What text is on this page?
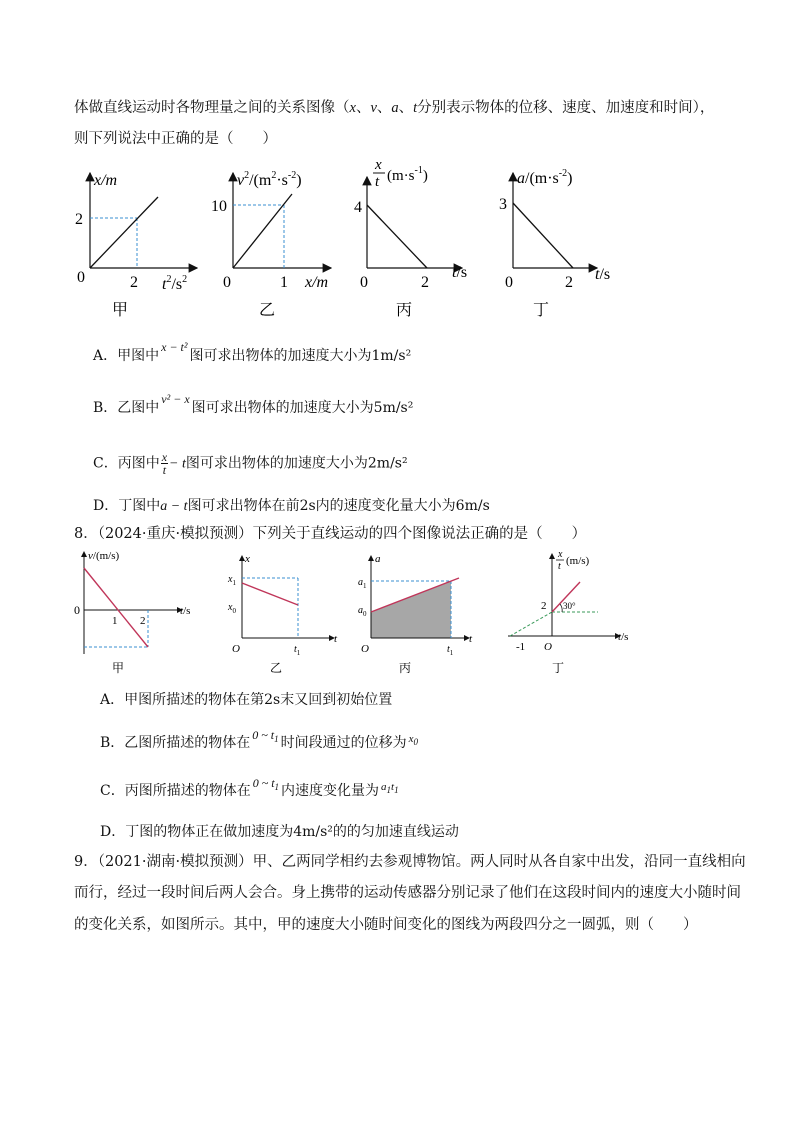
体做直线运动时各物理量之间的关系图像（x、v、a、t分别表示物体的位移、速度、加速度和时间），
则下列说法中正确的是（　　）
x/m
2
0	2 $t^2/s^2$
甲
$v^2/(m^2\cdot s^{-2})$
10
0	1 x/m
乙
x
t $(m\cdot s^{-1})$
4
0	2
t/s
丙
$a/(m\cdot s^{-2})$
3
0	2 t/s
丁
A．甲图中x − t²图可求出物体的加速度大小为1m/s²
B．乙图中v² − x图可求出物体的加速度大小为5m/s²
C．丙图中 $\frac{x}{t} - t$图可求出物体的加速度大小为2m/s²
D．丁图中a − t图可求出物体在前2s内的速度变化量大小为6m/s
8．（2024·重庆·模拟预测）下列关于直线运动的四个图像说法正确的是（　　）
v/(m/s)
0
1 2
t/s
甲
x
$x_1$
$x_0$
O	$t_1$
t
乙
a
$a_1$
$a_0$
O	$t_1$
t
丙
x
t (m/s)
2 30°
O
-1
t/s
丁
A．甲图所描述的物体在第2s末又回到初始位置
B．乙图所描述的物体在 0 ~ $t_1$ 时间段通过的位移为 $x_0$
C．丙图所描述的物体在 0 ~ $t_1$ 内速度变化量为 $a_1t_1$
D．丁图的物体正在做加速度为4m/s²的的匀加速直线运动
9．（2021·湖南·模拟预测）甲、乙两同学相约去参观博物馆。两人同时从各自家中出发，沿同一直线相向
而行，经过一段时间后两人会合。身上携带的运动传感器分别记录了他们在这段时间内的速度大小随时间
的变化关系，如图所示。其中，甲的速度大小随时间变化的图线为两段四分之一圆弧，则（　　）
